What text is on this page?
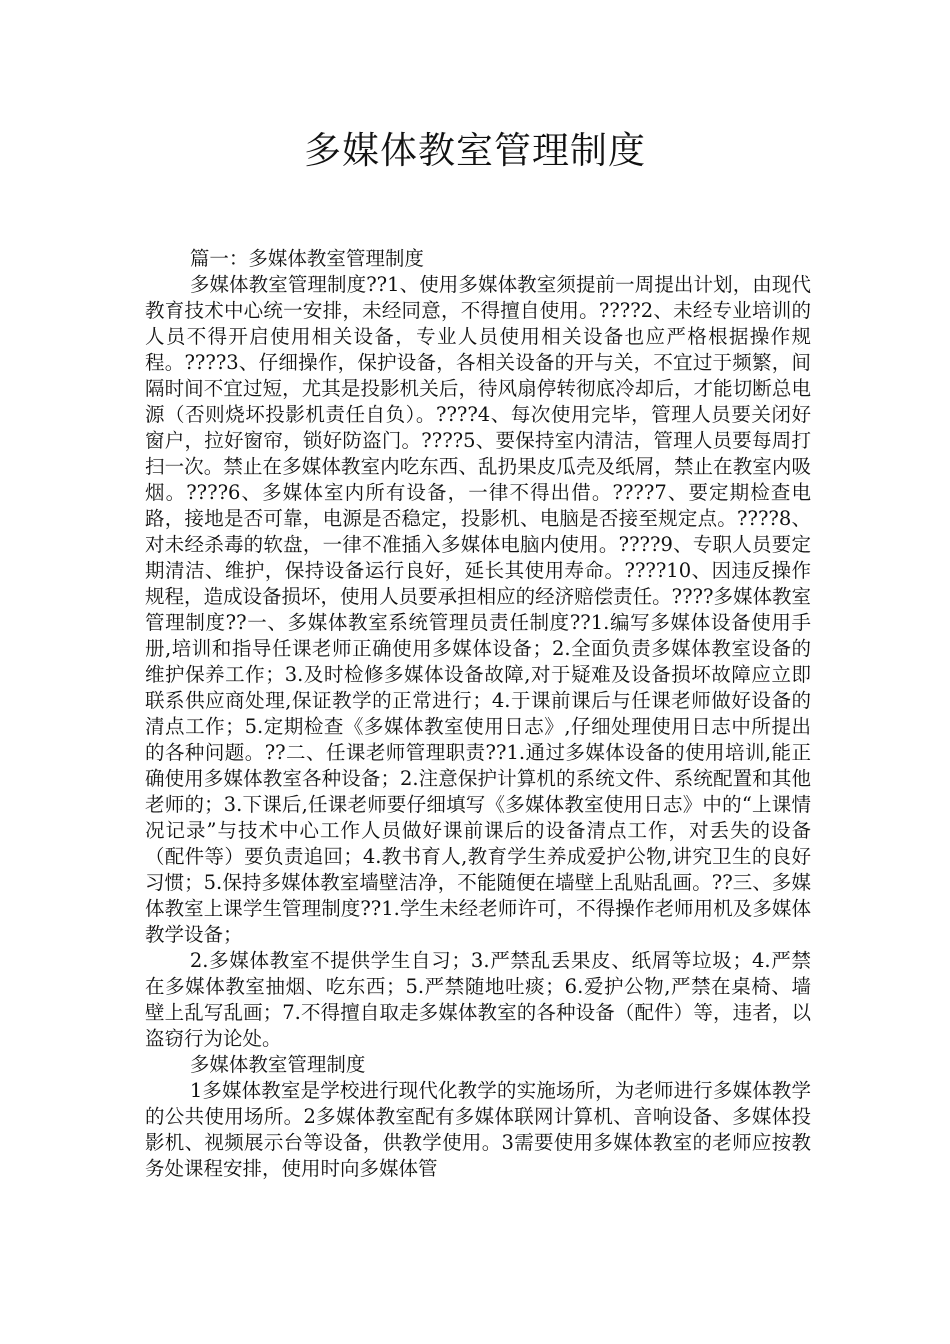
多媒体教室管理制度

篇一：多媒体教室管理制度

多媒体教室管理制度??1、使用多媒体教室须提前一周提出计划，由现代教育技术中心统一安排，未经同意，不得擅自使用。????2、未经专业培训的人员不得开启使用相关设备，专业人员使用相关设备也应严格根据操作规程。????3、仔细操作，保护设备，各相关设备的开与关，不宜过于频繁，间隔时间不宜过短，尤其是投影机关后，待风扇停转彻底冷却后，才能切断总电源（否则烧坏投影机责任自负）。????4、每次使用完毕，管理人员要关闭好窗户，拉好窗帘，锁好防盗门。????5、要保持室内清洁，管理人员要每周打扫一次。禁止在多媒体教室内吃东西、乱扔果皮瓜壳及纸屑，禁止在教室内吸烟。????6、多媒体室内所有设备，一律不得出借。????7、要定期检查电路，接地是否可靠，电源是否稳定，投影机、电脑是否接至规定点。????8、对未经杀毒的软盘，一律不准插入多媒体电脑内使用。????9、专职人员要定期清洁、维护，保持设备运行良好，延长其使用寿命。????10、因违反操作规程，造成设备损坏，使用人员要承担相应的经济赔偿责任。????多媒体教室管理制度??一、多媒体教室系统管理员责任制度??1.编写多媒体设备使用手册,培训和指导任课老师正确使用多媒体设备；2.全面负责多媒体教室设备的维护保养工作；3.及时检修多媒体设备故障,对于疑难及设备损坏故障应立即联系供应商处理,保证教学的正常进行；4.于课前课后与任课老师做好设备的清点工作；5.定期检查《多媒体教室使用日志》,仔细处理使用日志中所提出的各种问题。??二、任课老师管理职责??1.通过多媒体设备的使用培训,能正确使用多媒体教室各种设备；2.注意保护计算机的系统文件、系统配置和其他老师的；3.下课后,任课老师要仔细填写《多媒体教室使用日志》中的“上课情况记录”与技术中心工作人员做好课前课后的设备清点工作，对丢失的设备（配件等）要负责追回；4.教书育人,教育学生养成爱护公物,讲究卫生的良好习惯；5.保持多媒体教室墙壁洁净，不能随便在墙壁上乱贴乱画。??三、多媒体教室上课学生管理制度??1.学生未经老师许可，不得操作老师用机及多媒体教学设备；

2.多媒体教室不提供学生自习；3.严禁乱丢果皮、纸屑等垃圾；4.严禁在多媒体教室抽烟、吃东西；5.严禁随地吐痰；6.爱护公物,严禁在桌椅、墙壁上乱写乱画；7.不得擅自取走多媒体教室的各种设备（配件）等，违者，以盗窃行为论处。

多媒体教室管理制度

1多媒体教室是学校进行现代化教学的实施场所，为老师进行多媒体教学的公共使用场所。2多媒体教室配有多媒体联网计算机、音响设备、多媒体投影机、视频展示台等设备，供教学使用。3需要使用多媒体教室的老师应按教务处课程安排，使用时向多媒体管
